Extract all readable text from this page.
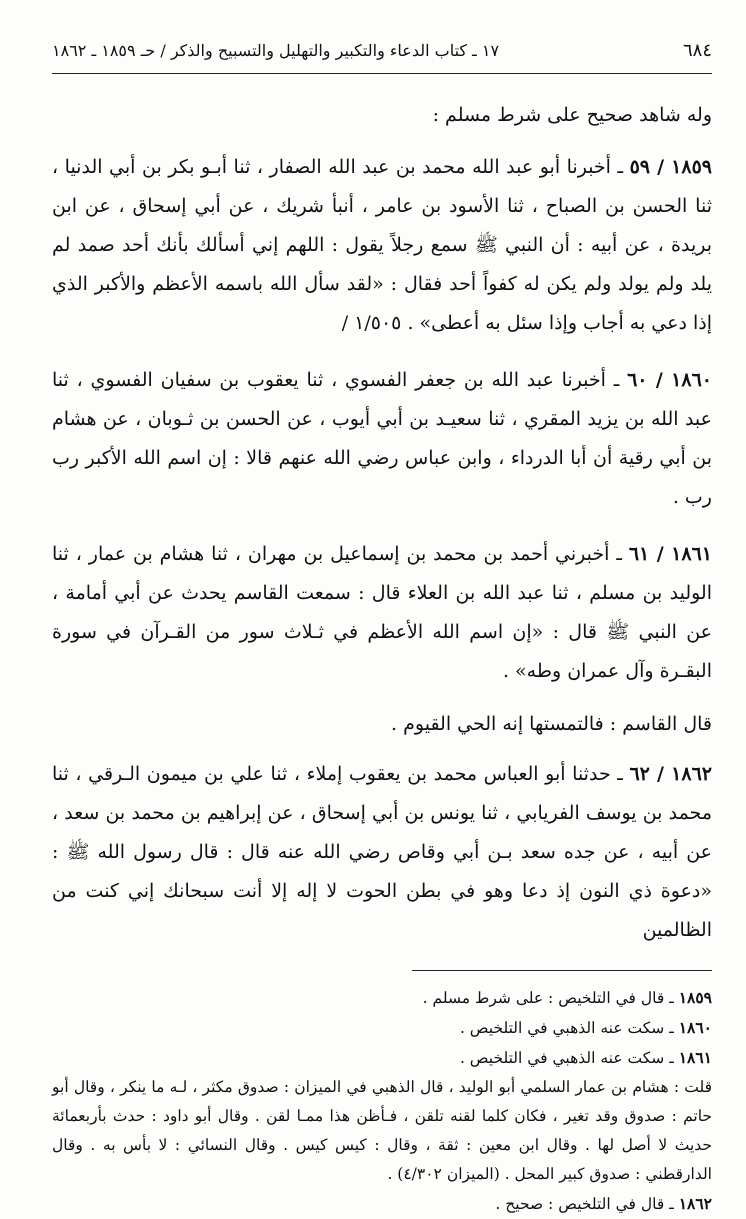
٦٨٤
١٧ ـ كتاب الدعاء والتكبير والتهليل والتسبيح والذكر / حـ ١٨٥٩ ـ ١٨٦٢
وله شاهد صحيح على شرط مسلم :

١٨٥٩ / ٥٩ ـ أخبرنا أبو عبد الله محمد بن عبد الله الصفار ، ثنا أبـو بكر بن أبي الدنيا ، ثنا الحسن بن الصباح ، ثنا الأسود بن عامر ، أنبأ شريك ، عن أبي إسحاق ، عن ابن بريدة ، عن أبيه : أن النبي ﷺ سمع رجلاً يقول : اللهم إني أسألك بأنك أحد صمد لم يلد ولم يولد ولم يكن له كفواً أحد فقال : «لقد سأل الله باسمه الأعظم والأكبر الذي إذا دعي به أجاب وإذا سئل به أعطى» . ١/٥٠٥ /

١٨٦٠ / ٦٠ ـ أخبرنا عبد الله بن جعفر الفسوي ، ثنا يعقوب بن سفيان الفسوي ، ثنا عبد الله بن يزيد المقري ، ثنا سعيـد بن أبي أيوب ، عن الحسن بن ثـوبان ، عن هشام بن أبي رقية أن أبا الدرداء ، وابن عباس رضي الله عنهم قالا : إن اسم الله الأكبر رب رب .

١٨٦١ / ٦١ ـ أخبرني أحمد بن محمد بن إسماعيل بن مهران ، ثنا هشام بن عمار ، ثنا الوليد بن مسلم ، ثنا عبد الله بن العلاء قال : سمعت القاسم يحدث عن أبي أمامة ، عن النبي ﷺ قال : «إن اسم الله الأعظم في ثـلاث سور من القـرآن في سورة البقـرة وآل عمران وطه» .

قال القاسم : فالتمستها إنه الحي القيوم .

١٨٦٢ / ٦٢ ـ حدثنا أبو العباس محمد بن يعقوب إملاء ، ثنا علي بن ميمون الـرقي ، ثنا محمد بن يوسف الفريابي ، ثنا يونس بن أبي إسحاق ، عن إبراهيم بن محمد بن سعد ، عن أبيه ، عن جده سعد بـن أبي وقاص رضي الله عنه قال : قال رسول الله ﷺ : «دعوة ذي النون إذ دعا وهو في بطن الحوت لا إله إلا أنت سبحانك إني كنت من الظالمين

١٨٥٩ ـ قال في التلخيص : على شرط مسلم .

١٨٦٠ ـ سكت عنه الذهبي في التلخيص .

١٨٦١ ـ سكت عنه الذهبي في التلخيص .

قلت : هشام بن عمار السلمي أبو الوليد ، قال الذهبي في الميزان : صدوق مكثر ، لـه ما ينكر ، وقال أبو حاتم : صدوق وقد تغير ، فكان كلما لقنه تلقن ، فـأظن هذا ممـا لقن . وقال أبو داود : حدث بأربعمائة حديث لا أصل لها . وقال ابن معين : ثقة ، وقال : كيس كيس . وقال النسائي : لا بأس به . وقال الدارقطني : صدوق كبير المحل . (الميزان ٤/٣٠٢) .

١٨٦٢ ـ قال في التلخيص : صحيح .
